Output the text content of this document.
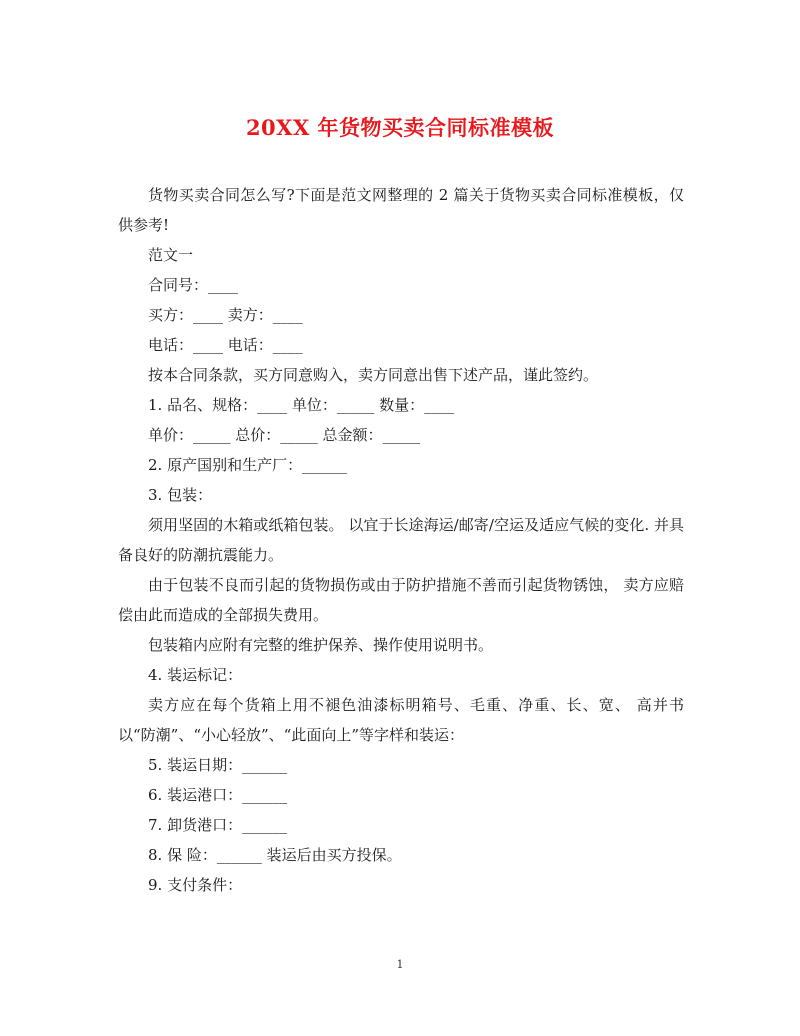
20XX 年货物买卖合同标准模板

货物买卖合同怎么写?下面是范文网整理的 2 篇关于货物买卖合同标准模板，仅供参考!

范文一

合同号：____

买方：____ 卖方：____

电话：____ 电话：____

按本合同条款，买方同意购入，卖方同意出售下述产品，谨此签约。

1. 品名、规格：____ 单位：_____ 数量：____

单价：_____ 总价：_____ 总金额：_____

2. 原产国别和生产厂：______

3. 包装：

须用坚固的木箱或纸箱包装。 以宜于长途海运/邮寄/空运及适应气候的变化. 并具备良好的防潮抗震能力。

由于包装不良而引起的货物损伤或由于防护措施不善而引起货物锈蚀， 卖方应赔偿由此而造成的全部损失费用。

包装箱内应附有完整的维护保养、操作使用说明书。

4. 装运标记：

卖方应在每个货箱上用不褪色油漆标明箱号、毛重、净重、长、宽、 高并书以“防潮”、“小心轻放”、“此面向上”等字样和装运：

5. 装运日期：______

6. 装运港口：______

7. 卸货港口：______

8. 保 险：______ 装运后由买方投保。

9. 支付条件：

1
